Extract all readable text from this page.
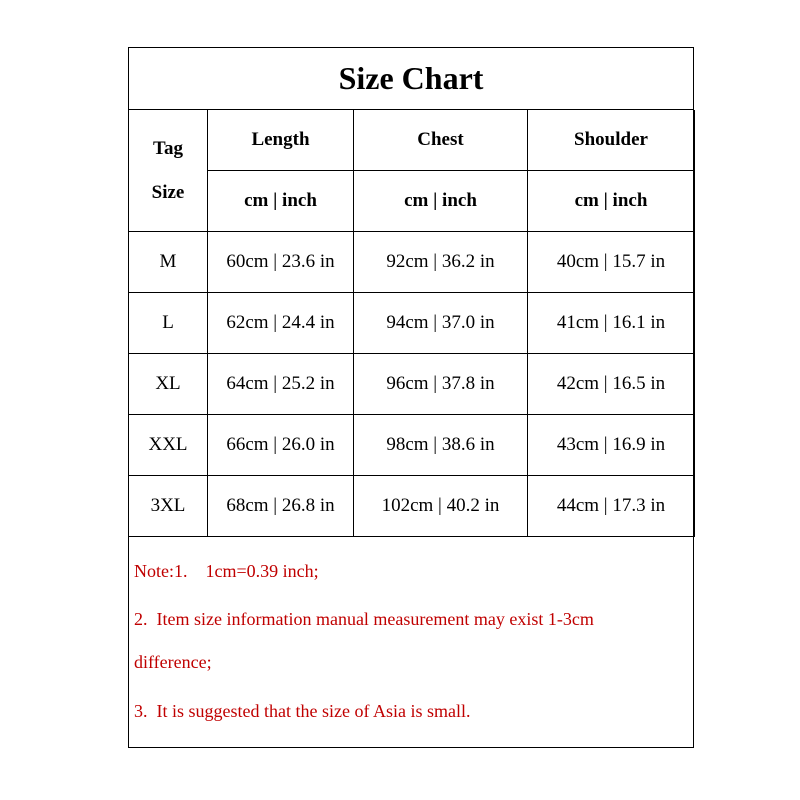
Size Chart
Tag
Size	Length	Chest	Shoulder
	cm | inch	cm | inch	cm | inch
M	60cm | 23.6 in	92cm | 36.2 in	40cm | 15.7 in
L	62cm | 24.4 in	94cm | 37.0 in	41cm | 16.1 in
XL	64cm | 25.2 in	96cm | 37.8 in	42cm | 16.5 in
XXL	66cm | 26.0 in	98cm | 38.6 in	43cm | 16.9 in
3XL	68cm | 26.8 in	102cm | 40.2 in	44cm | 17.3 in
Note:1.    1cm=0.39 inch;
2.  Item size information manual measurement may exist 1-3cm
difference;
3.  It is suggested that the size of Asia is small.
